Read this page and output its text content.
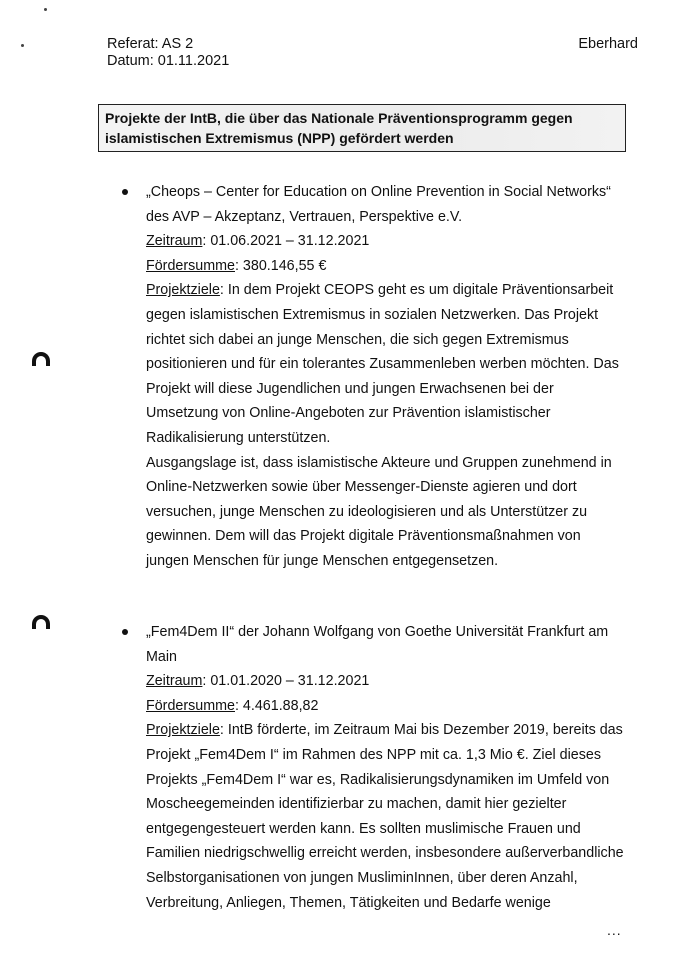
Referat: AS 2
Datum: 01.11.2021
Eberhard
Projekte der IntB, die über das Nationale Präventionsprogramm gegen
islamistischen Extremismus (NPP) gefördert werden
„Cheops – Center for Education on Online Prevention in Social Networks“
des AVP – Akzeptanz, Vertrauen, Perspektive e.V.
Zeitraum: 01.06.2021 – 31.12.2021
Fördersumme: 380.146,55 €
Projektziele: In dem Projekt CEOPS geht es um digitale Präventionsarbeit
gegen islamistischen Extremismus in sozialen Netzwerken. Das Projekt
richtet sich dabei an junge Menschen, die sich gegen Extremismus
positionieren und für ein tolerantes Zusammenleben werben möchten. Das
Projekt will diese Jugendlichen und jungen Erwachsenen bei der
Umsetzung von Online-Angeboten zur Prävention islamistischer
Radikalisierung unterstützen.
Ausgangslage ist, dass islamistische Akteure und Gruppen zunehmend in
Online-Netzwerken sowie über Messenger-Dienste agieren und dort
versuchen, junge Menschen zu ideologisieren und als Unterstützer zu
gewinnen. Dem will das Projekt digitale Präventionsmaßnahmen von
jungen Menschen für junge Menschen entgegensetzen.
„Fem4Dem II“ der Johann Wolfgang von Goethe Universität Frankfurt am
Main
Zeitraum: 01.01.2020 – 31.12.2021
Fördersumme: 4.461.88,82
Projektziele: IntB förderte, im Zeitraum Mai bis Dezember 2019, bereits das
Projekt „Fem4Dem I“ im Rahmen des NPP mit ca. 1,3 Mio €. Ziel dieses
Projekts „Fem4Dem I“ war es, Radikalisierungsdynamiken im Umfeld von
Moscheegemeinden identifizierbar zu machen, damit hier gezielter
entgegengesteuert werden kann. Es sollten muslimische Frauen und
Familien niedrigschwellig erreicht werden, insbesondere außerverbandliche
Selbstorganisationen von jungen MusliminInnen, über deren Anzahl,
Verbreitung, Anliegen, Themen, Tätigkeiten und Bedarfe wenige
...
